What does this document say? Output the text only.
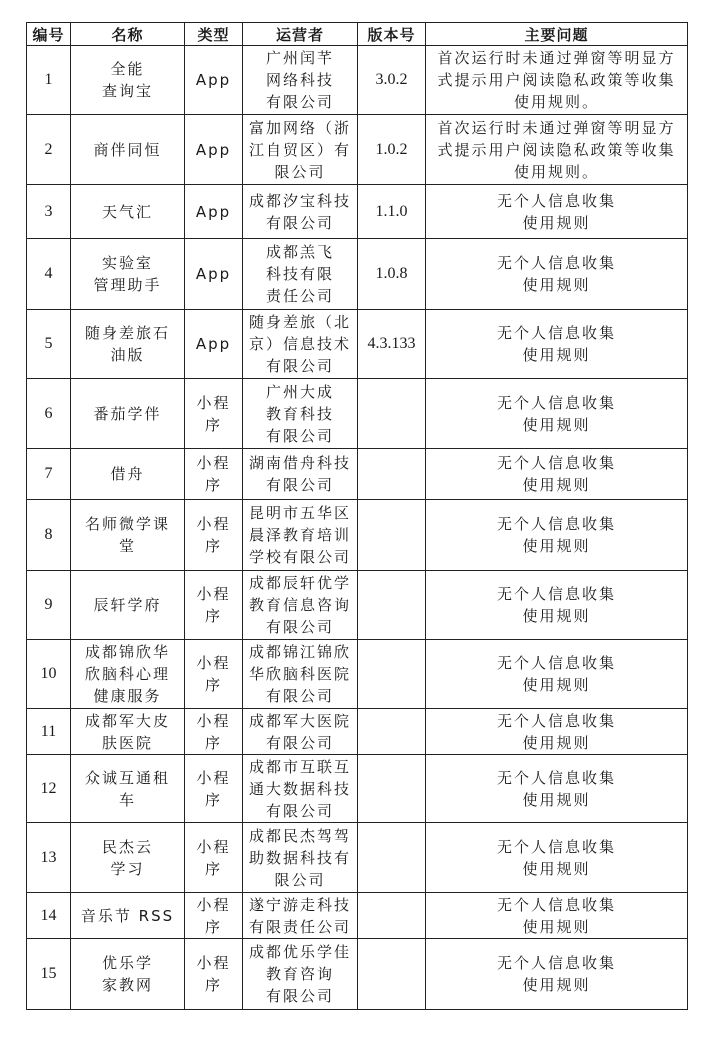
编号	名称	类型	运营者	版本号	主要问题

1	全能
查询宝	App	广州闰芊
网络科技
有限公司	3.0.2	首次运行时未通过弹窗等明显方式提示用户阅读隐私政策等收集使用规则。

2	商伴同恒	App	富加网络（浙江自贸区）有限公司	1.0.2	首次运行时未通过弹窗等明显方式提示用户阅读隐私政策等收集使用规则。

3	天气汇	App	成都汐宝科技有限公司	1.1.0	无个人信息收集
使用规则

4	实验室
管理助手	App	成都羔飞
科技有限
责任公司	1.0.8	无个人信息收集
使用规则

5	随身差旅石油版	App	随身差旅（北京）信息技术有限公司	4.3.133	无个人信息收集
使用规则

6	番茄学伴	小程序	广州大成
教育科技
有限公司		无个人信息收集
使用规则

7	借舟	小程序	湖南借舟科技有限公司		无个人信息收集
使用规则

8	名师微学课堂	小程序	昆明市五华区晨泽教育培训学校有限公司		无个人信息收集
使用规则

9	辰轩学府	小程序	成都辰轩优学教育信息咨询有限公司		无个人信息收集
使用规则

10	成都锦欣华欣脑科心理健康服务	小程序	成都锦江锦欣华欣脑科医院有限公司		无个人信息收集
使用规则

11	成都军大皮肤医院	小程序	成都军大医院有限公司		无个人信息收集
使用规则

12	众诚互通租车	小程序	成都市互联互通大数据科技有限公司		无个人信息收集
使用规则

13	民杰云
学习	小程序	成都民杰驾驾助数据科技有限公司		无个人信息收集
使用规则

14	音乐节 RSS	小程序	遂宁游走科技有限责任公司		无个人信息收集
使用规则

15	优乐学
家教网	小程序	成都优乐学佳
教育咨询
有限公司		无个人信息收集
使用规则
